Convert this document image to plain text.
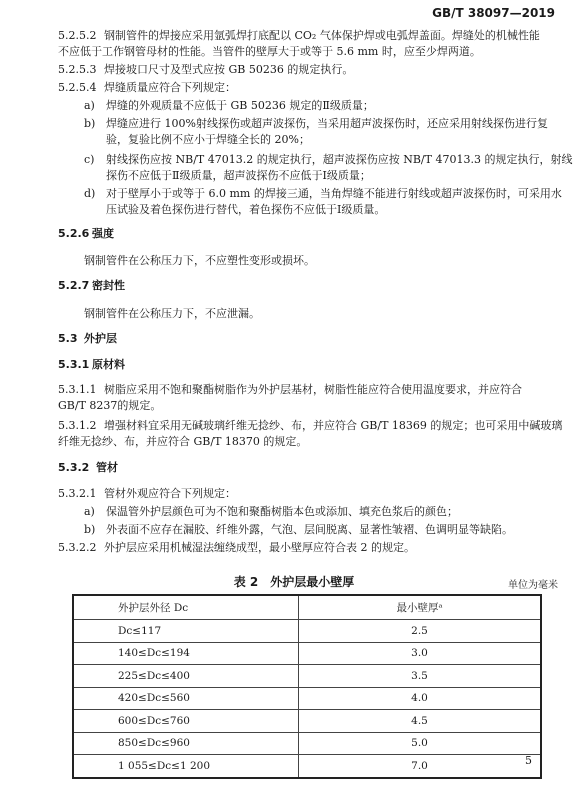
GB/T 38097—2019
5.2.5.2 钢制管件的焊接应采用氩弧焊打底配以 CO₂ 气体保护焊或电弧焊盖面。焊缝处的机械性能
不应低于工作钢管母材的性能。当管件的壁厚大于或等于 5.6 mm 时，应至少焊两道。
5.2.5.3 焊接坡口尺寸及型式应按 GB 50236 的规定执行。
5.2.5.4 焊缝质量应符合下列规定：
a) 焊缝的外观质量不应低于 GB 50236 规定的Ⅱ级质量；
b) 焊缝应进行 100%射线探伤或超声波探伤，当采用超声波探伤时，还应采用射线探伤进行复
验，复验比例不应小于焊缝全长的 20%；
c) 射线探伤应按 NB/T 47013.2 的规定执行，超声波探伤应按 NB/T 47013.3 的规定执行，射线
探伤不应低于Ⅱ级质量，超声波探伤不应低于Ⅰ级质量；
d) 对于壁厚小于或等于 6.0 mm 的焊接三通，当角焊缝不能进行射线或超声波探伤时，可采用水
压试验及着色探伤进行替代，着色探伤不应低于Ⅰ级质量。
5.2.6 强度
钢制管件在公称压力下，不应塑性变形或损坏。
5.2.7 密封性
钢制管件在公称压力下，不应泄漏。
5.3 外护层
5.3.1 原材料
5.3.1.1 树脂应采用不饱和聚酯树脂作为外护层基材，树脂性能应符合使用温度要求，并应符合
GB/T 8237的规定。
5.3.1.2 增强材料宜采用无碱玻璃纤维无捻纱、布，并应符合 GB/T 18369 的规定；也可采用中碱玻璃
纤维无捻纱、布，并应符合 GB/T 18370 的规定。
5.3.2 管材
5.3.2.1 管材外观应符合下列规定：
a) 保温管外护层颜色可为不饱和聚酯树脂本色或添加、填充色浆后的颜色；
b) 外表面不应存在漏胶、纤维外露，气泡、层间脱离、显著性皱褶、色调明显等缺陷。
5.3.2.2 外护层应采用机械湿法缠绕成型，最小壁厚应符合表 2 的规定。
表 2　外护层最小壁厚	单位为毫米
外护层外径 Dc	最小壁厚ᵃ
Dc≤117	2.5
140≤Dc≤194	3.0
225≤Dc≤400	3.5
420≤Dc≤560	4.0
600≤Dc≤760	4.5
850≤Dc≤960	5.0
1 055≤Dc≤1 200	7.0	5
